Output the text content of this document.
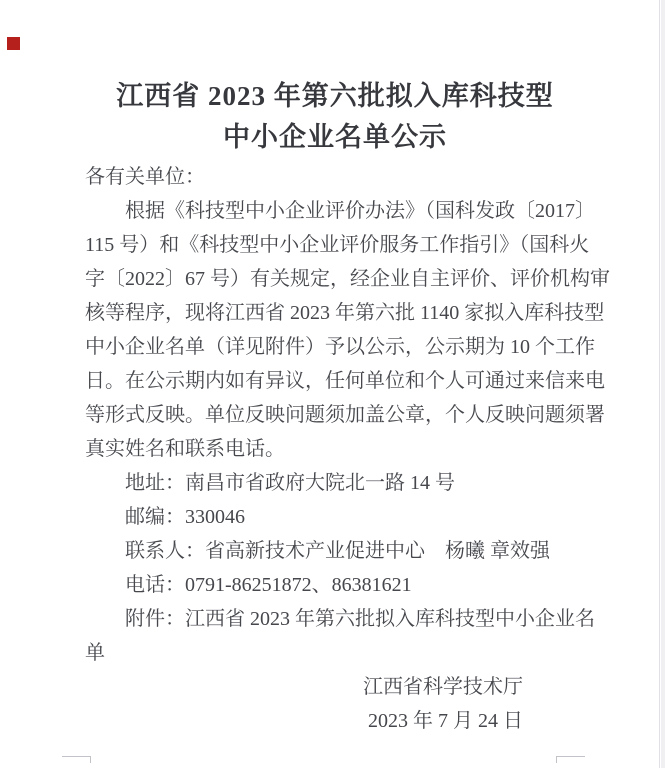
江西省 2023 年第六批拟入库科技型
中小企业名单公示
各有关单位：
根据《科技型中小企业评价办法》（国科发政〔2017〕
115 号）和《科技型中小企业评价服务工作指引》（国科火
字〔2022〕67 号）有关规定，经企业自主评价、评价机构审
核等程序，现将江西省 2023 年第六批 1140 家拟入库科技型
中小企业名单（详见附件）予以公示，公示期为 10 个工作
日。在公示期内如有异议，任何单位和个人可通过来信来电
等形式反映。单位反映问题须加盖公章，个人反映问题须署
真实姓名和联系电话。
地址：南昌市省政府大院北一路 14 号
邮编：330046
联系人：省高新技术产业促进中心　杨曦 章效强
电话：0791-86251872、86381621
附件：江西省 2023 年第六批拟入库科技型中小企业名
单
江西省科学技术厅
2023 年 7 月 24 日
